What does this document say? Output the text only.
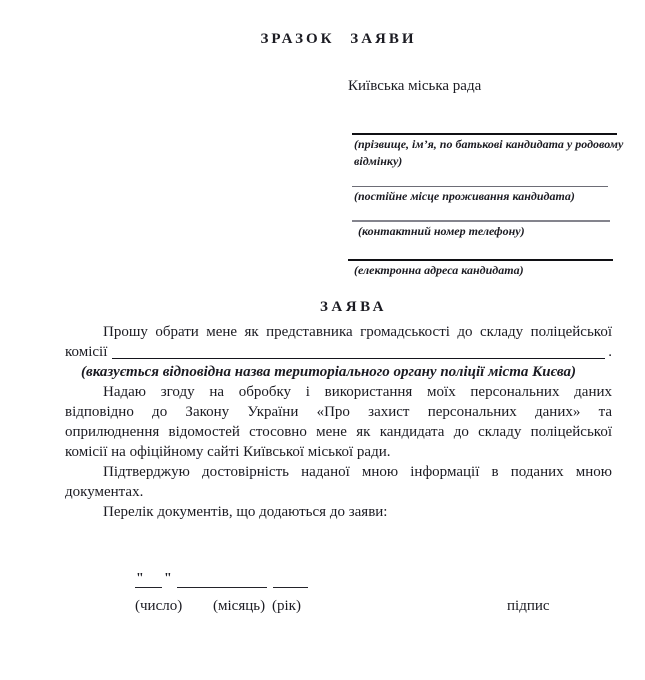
ЗРАЗОК ЗАЯВИ
Київська міська рада
(прізвище, ім’я, по батькові кандидата у родовому
відмінку)
(постійне місце проживання кандидата)
(контактний номер телефону)
(електронна адреса кандидата)
ЗАЯВА
Прошу обрати мене як представника громадськості до складу поліцейської
комісії	.
(вказується відповідна назва територіального органу поліції міста Києва)
Надаю згоду на обробку і використання моїх персональних даних
відповідно до Закону України «Про захист персональних даних» та
оприлюднення відомостей стосовно мене як кандидата до складу поліцейської
комісії на офіційному сайті Київської міської ради.
Підтверджую достовірність наданої мною інформації в поданих мною
документах.
Перелік документів, що додаються до заяви:
" "
(число) (місяць) (рік)	підпис
